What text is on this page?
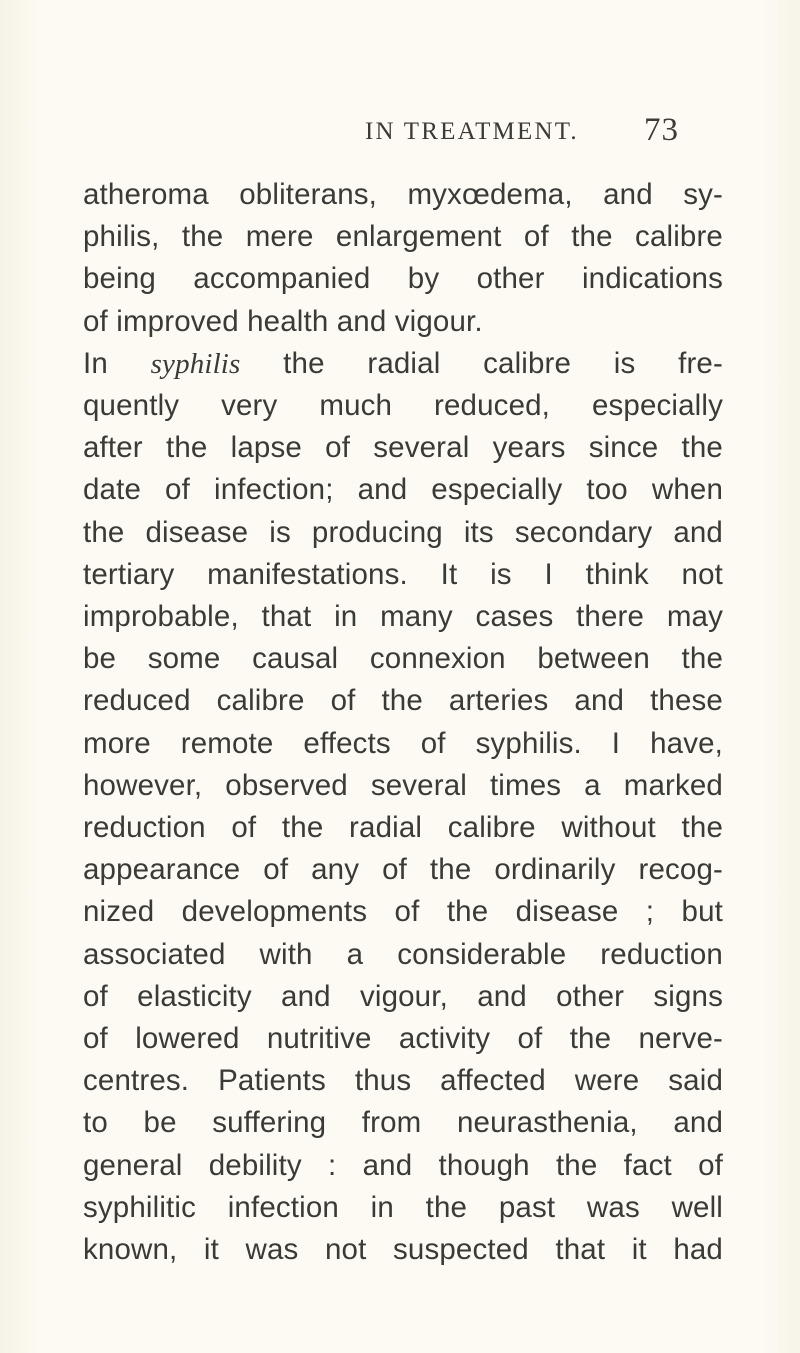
IN TREATMENT. 73
atheroma obliterans, myxœdema, and sy-
philis, the mere enlargement of the calibre
being accompanied by other indications
of improved health and vigour.
In syphilis the radial calibre is fre-
quently very much reduced, especially
after the lapse of several years since the
date of infection; and especially too when
the disease is producing its secondary and
tertiary manifestations. It is I think not
improbable, that in many cases there may
be some causal connexion between the
reduced calibre of the arteries and these
more remote effects of syphilis. I have,
however, observed several times a marked
reduction of the radial calibre without the
appearance of any of the ordinarily recog-
nized developments of the disease ; but
associated with a considerable reduction
of elasticity and vigour, and other signs
of lowered nutritive activity of the nerve-
centres. Patients thus affected were said
to be suffering from neurasthenia, and
general debility : and though the fact of
syphilitic infection in the past was well
known, it was not suspected that it had
